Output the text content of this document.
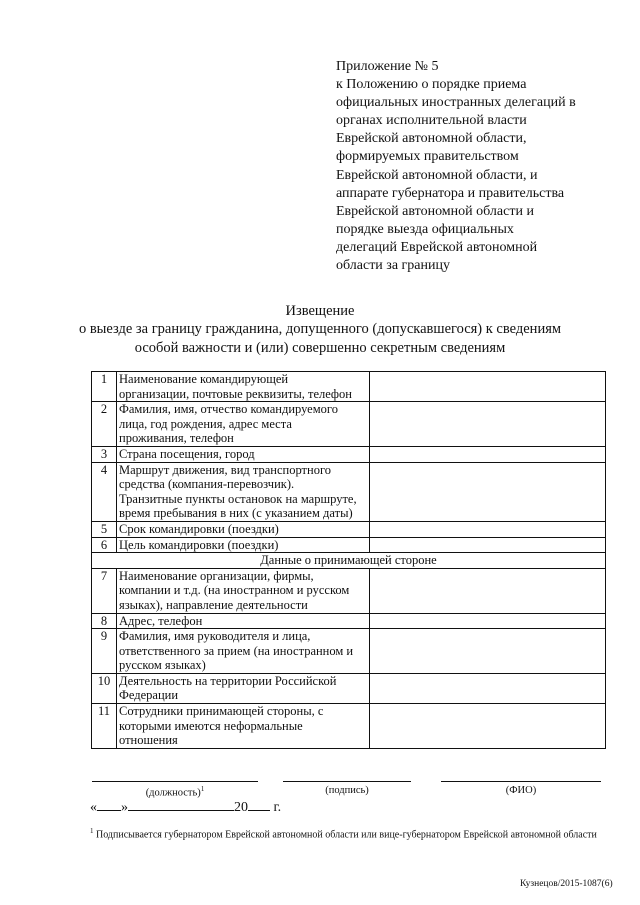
Приложение № 5
к Положению о порядке приема
официальных иностранных делегаций в
органах исполнительной власти
Еврейской автономной области,
формируемых правительством
Еврейской автономной области, и
аппарате губернатора и правительства
Еврейской автономной области и
порядке выезда официальных
делегаций Еврейской автономной
области за границу
Извещение
о выезде за границу гражданина, допущенного (допускавшегося) к сведениям
особой важности и (или) совершенно секретным сведениям
1	Наименование командирующей
организации, почтовые реквизиты, телефон	

2	Фамилия, имя, отчество командируемого
лица, год рождения, адрес места
проживания, телефон	

3	Страна посещения, город	

4	Маршрут движения, вид транспортного
средства (компания-перевозчик).
Транзитные пункты остановок на маршруте,
время пребывания в них (с указанием даты)	

5	Срок командировки (поездки)	

6	Цель командировки (поездки)	

Данные о принимающей стороне		
7	Наименование организации, фирмы,
компании и т.д. (на иностранном и русском
языках), направление деятельности	

8	Адрес, телефон	

9	Фамилия, имя руководителя и лица,
ответственного за прием (на иностранном и
русском языках)	

10	Деятельность на территории Российской
Федерации	

11	Сотрудники принимающей стороны, с
которыми имеются неформальные
отношения	

(должность)$^1$	(подпись)	(ФИО)
« »	20 г.
$^1$ Подписывается губернатором Еврейской автономной области или вице-губернатором Еврейской автономной области
Кузнецов/2015-1087(6)
